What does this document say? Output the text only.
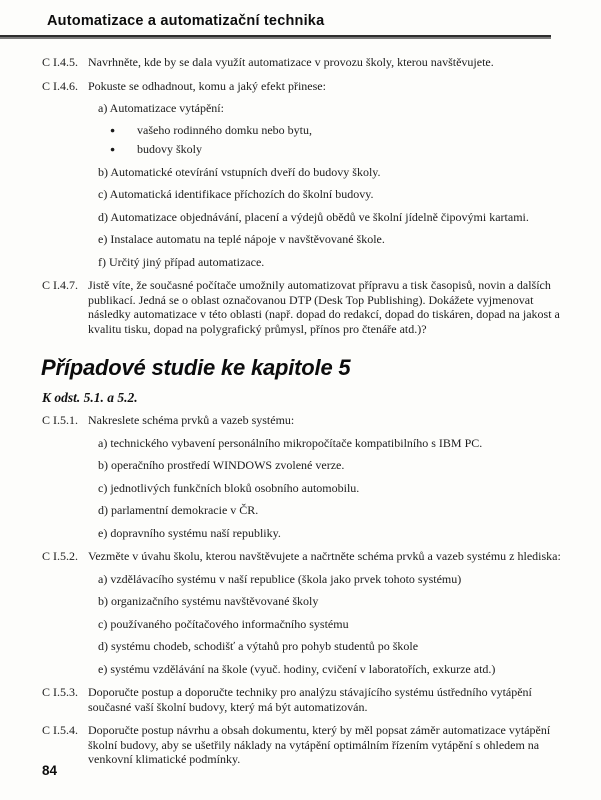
Automatizace a automatizační technika
C I.4.5. Navrhněte, kde by se dala využít automatizace v provozu školy, kterou navštěvujete.

C I.4.6. Pokuste se odhadnout, komu a jaký efekt přinese:

a) Automatizace vytápění:

●	vašeho rodinného domku nebo bytu,
●	budovy školy

b) Automatické otevírání vstupních dveří do budovy školy.

c) Automatická identifikace příchozích do školní budovy.

d) Automatizace objednávání, placení a výdejů obědů ve školní jídelně čipovými kartami.

e) Instalace automatu na teplé nápoje v navštěvované škole.

f) Určitý jiný případ automatizace.

C I.4.7. Jistě víte, že současné počítače umožnily automatizovat přípravu a tisk časopisů, novin a dalších publikací. Jedná se o oblast označovanou DTP (Desk Top Publishing). Dokážete vyjmenovat následky automatizace v této oblasti (např. dopad do redakcí, dopad do tiskáren, dopad na jakost a kvalitu tisku, dopad na polygrafický průmysl, přínos pro čtenáře atd.)?

Případové studie ke kapitole 5
K odst. 5.1. a 5.2.
C I.5.1. Nakreslete schéma prvků a vazeb systému:

a) technického vybavení personálního mikropočítače kompatibilního s IBM PC.

b) operačního prostředí WINDOWS zvolené verze.

c) jednotlivých funkčních bloků osobního automobilu.

d) parlamentní demokracie v ČR.

e) dopravního systému naší republiky.

C I.5.2. Vezměte v úvahu školu, kterou navštěvujete a načrtněte schéma prvků a vazeb systému z hlediska:

a) vzdělávacího systému v naší republice (škola jako prvek tohoto systému)

b) organizačního systému navštěvované školy

c) používaného počítačového informačního systému

d) systému chodeb, schodišť a výtahů pro pohyb studentů po škole

e) systému vzdělávání na škole (vyuč. hodiny, cvičení v laboratořích, exkurze atd.)

C I.5.3. Doporučte postup a doporučte techniky pro analýzu stávajícího systému ústředního vytápění současné vaší školní budovy, který má být automatizován.

C I.5.4. Doporučte postup návrhu a obsah dokumentu, který by měl popsat záměr automatizace vytápění školní budovy, aby se ušetřily náklady na vytápění optimálním řízením vytápění s ohledem na venkovní klimatické podmínky.

84
